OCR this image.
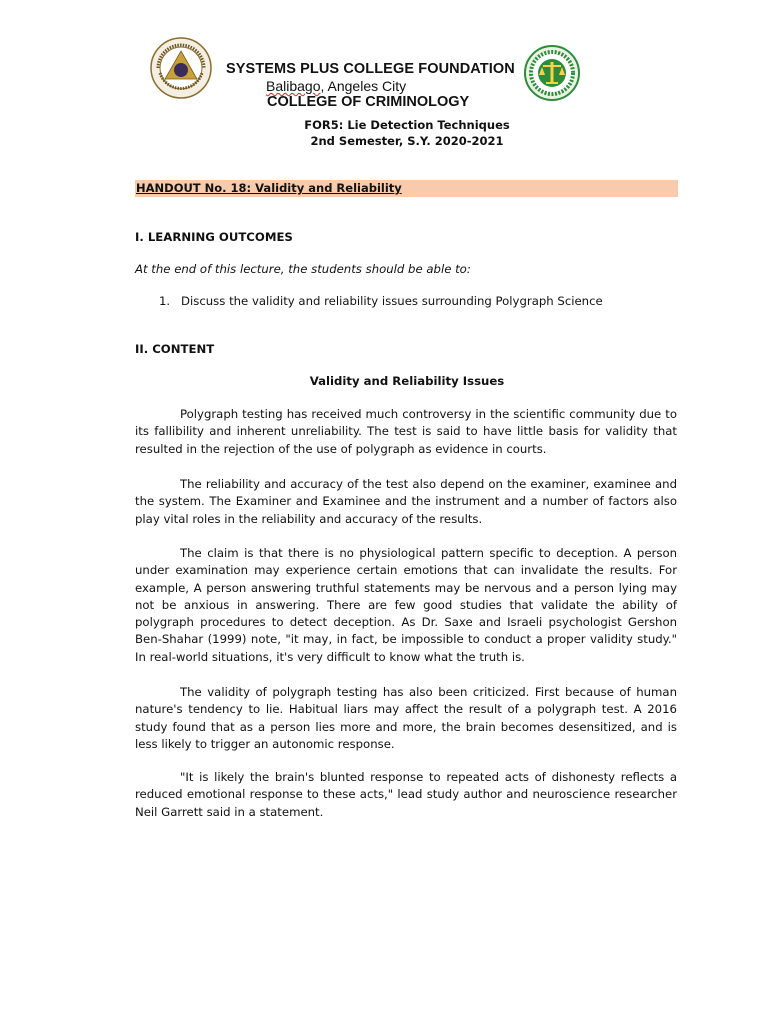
SYSTEMS PLUS COLLEGE FOUNDATION
Balibago, Angeles City
COLLEGE OF CRIMINOLOGY
FOR5: Lie Detection Techniques
2nd Semester, S.Y. 2020-2021
HANDOUT No. 18: Validity and Reliability
I. LEARNING OUTCOMES
At the end of this lecture, the students should be able to:
1. Discuss the validity and reliability issues surrounding Polygraph Science
II. CONTENT
Validity and Reliability Issues
Polygraph testing has received much controversy in the scientific community due to its fallibility and inherent unreliability. The test is said to have little basis for validity that resulted in the rejection of the use of polygraph as evidence in courts.
The reliability and accuracy of the test also depend on the examiner, examinee and the system. The Examiner and Examinee and the instrument and a number of factors also play vital roles in the reliability and accuracy of the results.
The claim is that there is no physiological pattern specific to deception. A person under examination may experience certain emotions that can invalidate the results. For example, A person answering truthful statements may be nervous and a person lying may not be anxious in answering. There are few good studies that validate the ability of polygraph procedures to detect deception. As Dr. Saxe and Israeli psychologist Gershon Ben-Shahar (1999) note, "it may, in fact, be impossible to conduct a proper validity study." In real-world situations, it's very difficult to know what the truth is.
The validity of polygraph testing has also been criticized. First because of human nature's tendency to lie. Habitual liars may affect the result of a polygraph test. A 2016 study found that as a person lies more and more, the brain becomes desensitized, and is less likely to trigger an autonomic response.
"It is likely the brain's blunted response to repeated acts of dishonesty reflects a reduced emotional response to these acts," lead study author and neuroscience researcher Neil Garrett said in a statement.
